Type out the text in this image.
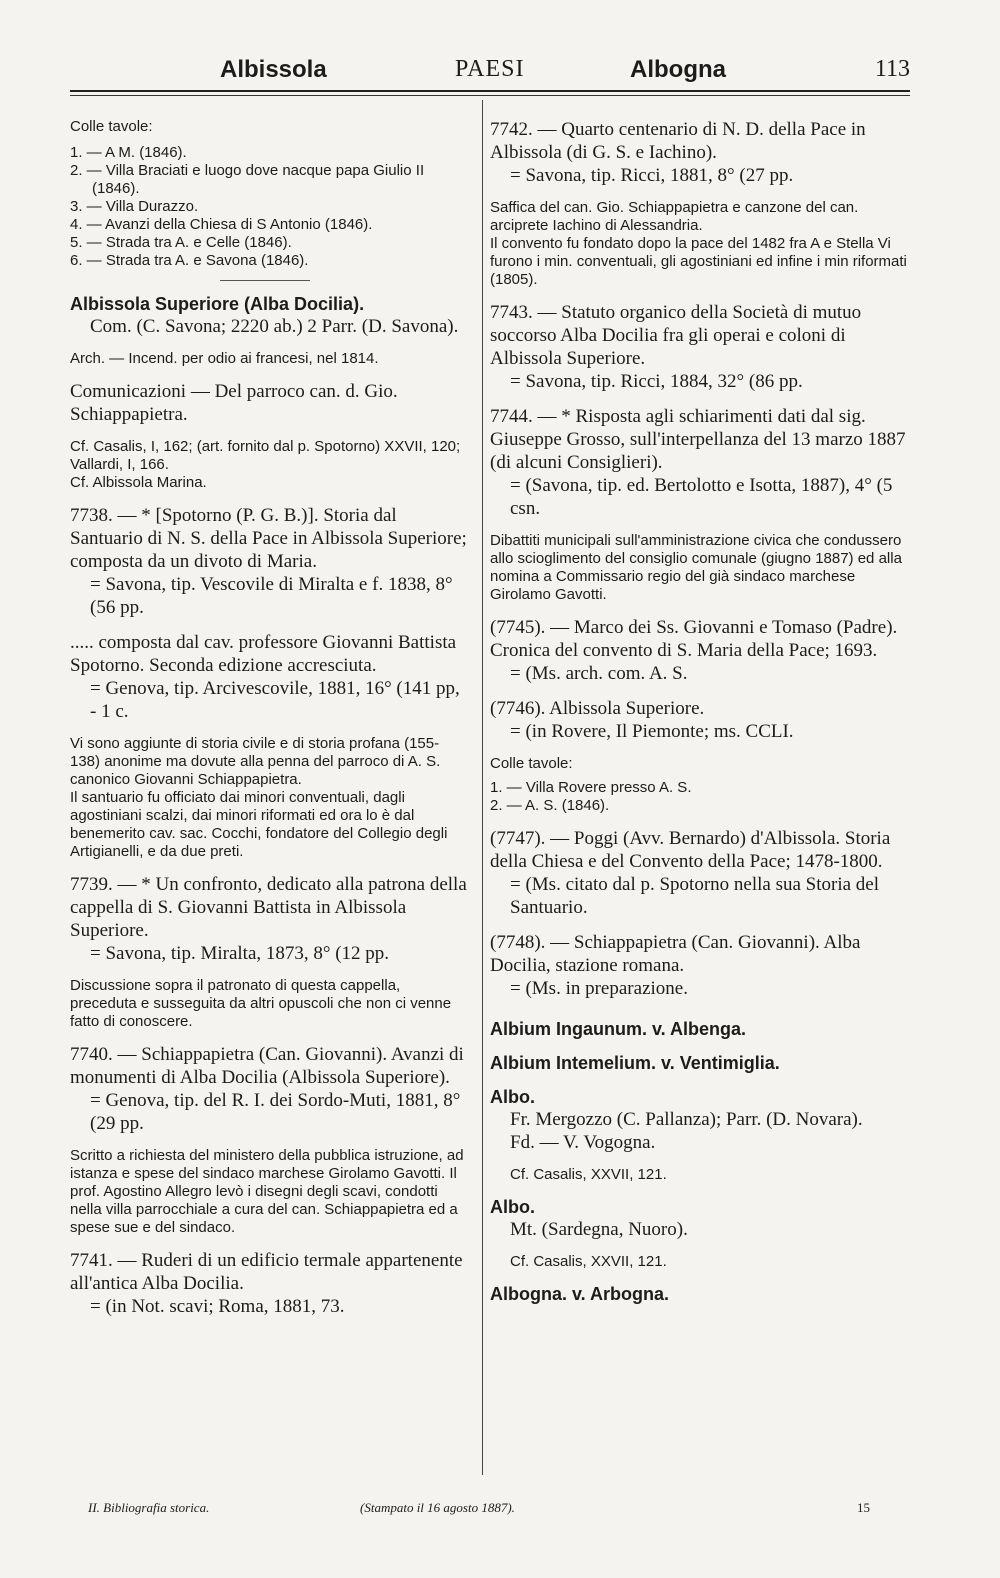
Albissola	PAESI	Albogna	113

Colle tavole:

1. — A M. (1846).

2. — Villa Braciati e luogo dove nacque papa Giulio II (1846).

3. — Villa Durazzo.

4. — Avanzi della Chiesa di S Antonio (1846).

5. — Strada tra A. e Celle (1846).

6. — Strada tra A. e Savona (1846).

Albissola Superiore (Alba Docilia).

Com. (C. Savona; 2220 ab.) 2 Parr. (D. Savona).

Arch. — Incend. per odio ai francesi, nel 1814.

Comunicazioni — Del parroco can. d. Gio. Schiappapietra.

Cf. Casalis, I, 162; (art. fornito dal p. Spotorno) XXVII, 120; Vallardi, I, 166.

Cf. Albissola Marina.

7738. — * [Spotorno (P. G. B.)]. Storia dal Santuario di N. S. della Pace in Albissola Superiore; composta da un divoto di Maria.

= Savona, tip. Vescovile di Miralta e f. 1838, 8° (56 pp.

..... composta dal cav. professore Giovanni Battista Spotorno. Seconda edizione accresciuta.

= Genova, tip. Arcivescovile, 1881, 16° (141 pp, - 1 c.

Vi sono aggiunte di storia civile e di storia profana (155-138) anonime ma dovute alla penna del parroco di A. S. canonico Giovanni Schiappapietra.

Il santuario fu officiato dai minori conventuali, dagli agostiniani scalzi, dai minori riformati ed ora lo è dal benemerito cav. sac. Cocchi, fondatore del Collegio degli Artigianelli, e da due preti.

7739. — * Un confronto, dedicato alla patrona della cappella di S. Giovanni Battista in Albissola Superiore.

= Savona, tip. Miralta, 1873, 8° (12 pp.

Discussione sopra il patronato di questa cappella, preceduta e susseguita da altri opuscoli che non ci venne fatto di conoscere.

7740. — Schiappapietra (Can. Giovanni). Avanzi di monumenti di Alba Docilia (Albissola Superiore).

= Genova, tip. del R. I. dei Sordo-Muti, 1881, 8° (29 pp.

Scritto a richiesta del ministero della pubblica istruzione, ad istanza e spese del sindaco marchese Girolamo Gavotti. Il prof. Agostino Allegro levò i disegni degli scavi, condotti nella villa parrocchiale a cura del can. Schiappapietra ed a spese sue e del sindaco.

7741. — Ruderi di un edificio termale appartenente all'antica Alba Docilia.

= (in Not. scavi; Roma, 1881, 73.

7742. — Quarto centenario di N. D. della Pace in Albissola (di G. S. e Iachino).

= Savona, tip. Ricci, 1881, 8° (27 pp.

Saffica del can. Gio. Schiappapietra e canzone del can. arciprete Iachino di Alessandria.

Il convento fu fondato dopo la pace del 1482 fra A e Stella Vi furono i min. conventuali, gli agostiniani ed infine i min riformati (1805).

7743. — Statuto organico della Società di mutuo soccorso Alba Docilia fra gli operai e coloni di Albissola Superiore.

= Savona, tip. Ricci, 1884, 32° (86 pp.

7744. — * Risposta agli schiarimenti dati dal sig. Giuseppe Grosso, sull'interpellanza del 13 marzo 1887 (di alcuni Consiglieri).

= (Savona, tip. ed. Bertolotto e Isotta, 1887), 4° (5 csn.

Dibattiti municipali sull'amministrazione civica che condussero allo scioglimento del consiglio comunale (giugno 1887) ed alla nomina a Commissario regio del già sindaco marchese Girolamo Gavotti.

(7745). — Marco dei Ss. Giovanni e Tomaso (Padre). Cronica del convento di S. Maria della Pace; 1693.

= (Ms. arch. com. A. S.

(7746). Albissola Superiore.

= (in Rovere, Il Piemonte; ms. CCLI.

Colle tavole:

1. — Villa Rovere presso A. S.

2. — A. S. (1846).

(7747). — Poggi (Avv. Bernardo) d'Albissola. Storia della Chiesa e del Convento della Pace; 1478-1800.

= (Ms. citato dal p. Spotorno nella sua Storia del Santuario.

(7748). — Schiappapietra (Can. Giovanni). Alba Docilia, stazione romana.

= (Ms. in preparazione.

Albium Ingaunum. v. Albenga.

Albium Intemelium. v. Ventimiglia.

Albo.

Fr. Mergozzo (C. Pallanza); Parr. (D. Novara).

Fd. — V. Vogogna.

Cf. Casalis, XXVII, 121.

Albo.

Mt. (Sardegna, Nuoro).

Cf. Casalis, XXVII, 121.

Albogna. v. Arbogna.

II. Bibliografia storica.	(Stampato il 16 agosto 1887).	15
